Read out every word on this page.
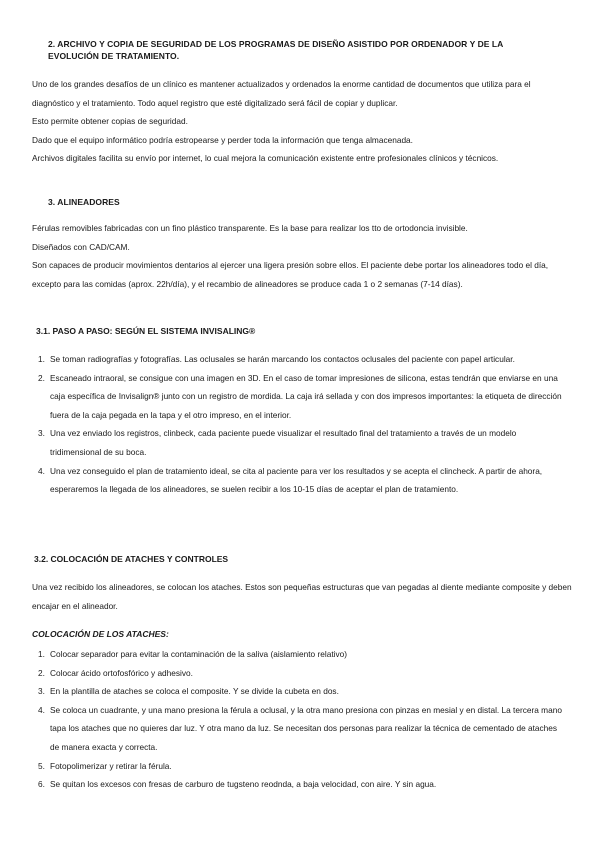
2. ARCHIVO Y COPIA DE SEGURIDAD DE LOS PROGRAMAS DE DISEÑO ASISTIDO POR ORDENADOR Y DE LA EVOLUCIÓN DE TRATAMIENTO.
Uno de los grandes desafíos de un clínico es mantener actualizados y ordenados la enorme cantidad de documentos que utiliza para el diagnóstico y el tratamiento. Todo aquel registro que esté digitalizado será fácil de copiar y duplicar.
Esto permite obtener copias de seguridad.
Dado que el equipo informático podría estropearse y perder toda la información que tenga almacenada.
Archivos digitales facilita su envío por internet, lo cual mejora la comunicación existente entre profesionales clínicos y técnicos.
3. ALINEADORES
Férulas removibles fabricadas con un fino plástico transparente. Es la base para realizar los tto de ortodoncia invisible.
Diseñados con CAD/CAM.
Son capaces de producir movimientos dentarios al ejercer una ligera presión sobre ellos. El paciente debe portar los alineadores todo el día, excepto para las comidas (aprox. 22h/día), y el recambio de alineadores se produce cada 1 o 2 semanas (7-14 días).
3.1. PASO A PASO: SEGÚN EL SISTEMA INVISALING®
1. Se toman radiografías y fotografías. Las oclusales se harán marcando los contactos oclusales del paciente con papel articular.
2. Escaneado intraoral, se consigue con una imagen en 3D. En el caso de tomar impresiones de silicona, estas tendrán que enviarse en una caja específica de Invisalign® junto con un registro de mordida. La caja irá sellada y con dos impresos importantes: la etiqueta de dirección fuera de la caja pegada en la tapa y el otro impreso, en el interior.
3. Una vez enviado los registros, clinbeck, cada paciente puede visualizar el resultado final del tratamiento a través de un modelo tridimensional de su boca.
4. Una vez conseguido el plan de tratamiento ideal, se cita al paciente para ver los resultados y se acepta el clincheck. A partir de ahora, esperaremos la llegada de los alineadores, se suelen recibir a los 10-15 días de aceptar el plan de tratamiento.
3.2. COLOCACIÓN DE ATACHES Y CONTROLES
Una vez recibido los alineadores, se colocan los ataches. Estos son pequeñas estructuras que van pegadas al diente mediante composite y deben encajar en el alineador.
COLOCACIÓN DE LOS ATACHES:
1. Colocar separador para evitar la contaminación de la saliva (aislamiento relativo)
2. Colocar ácido ortofosfórico y adhesivo.
3. En la plantilla de ataches se coloca el composite. Y se divide la cubeta en dos.
4. Se coloca un cuadrante, y una mano presiona la férula a oclusal, y la otra mano presiona con pinzas en mesial y en distal. La tercera mano tapa los ataches que no quieres dar luz. Y otra mano da luz. Se necesitan dos personas para realizar la técnica de cementado de ataches de manera exacta y correcta.
5. Fotopolimerizar y retirar la férula.
6. Se quitan los excesos con fresas de carburo de tugsteno reodnda, a baja velocidad, con aire. Y sin agua.
